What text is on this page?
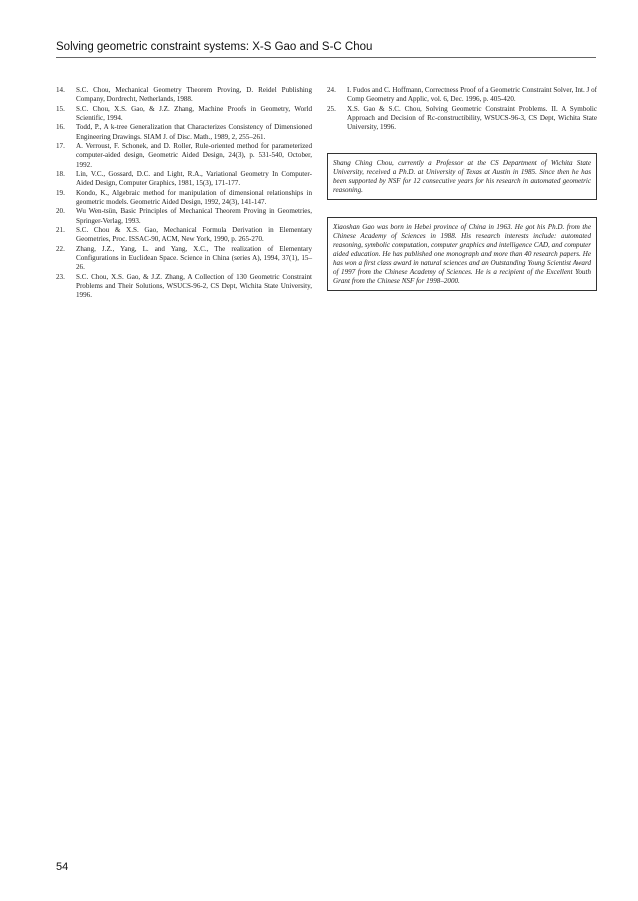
Solving geometric constraint systems: X-S Gao and S-C Chou
14.	S.C. Chou, Mechanical Geometry Theorem Proving, D. Reidel Publishing Company, Dordrecht, Netherlands, 1988.
15.	S.C. Chou, X.S. Gao, & J.Z. Zhang, Machine Proofs in Geometry, World Scientific, 1994.
16.	Todd, P., A k-tree Generalization that Characterizes Consistency of Dimensioned Engineering Drawings. SIAM J. of Disc. Math., 1989, 2, 255–261.
17.	A. Verroust, F. Schonek, and D. Roller, Rule-oriented method for parameterized computer-aided design, Geometric Aided Design, 24(3), p. 531-540, October, 1992.
18.	Lin, V.C., Gossard, D.C. and Light, R.A., Variational Geometry In Computer-Aided Design, Computer Graphics, 1981, 15(3), 171-177.
19.	Kondo, K., Algebraic method for manipulation of dimensional relationships in geometric models. Geometric Aided Design, 1992, 24(3), 141-147.
20.	Wu Wen-tsün, Basic Principles of Mechanical Theorem Proving in Geometries, Springer-Verlag, 1993.
21.	S.C. Chou & X.S. Gao, Mechanical Formula Derivation in Elementary Geometries, Proc. ISSAC-90, ACM, New York, 1990, p. 265-270.
22.	Zhang, J.Z., Yang, L. and Yang, X.C., The realization of Elementary Configurations in Euclidean Space. Science in China (series A), 1994, 37(1), 15–26.
23.	S.C. Chou, X.S. Gao, & J.Z. Zhang, A Collection of 130 Geometric Constraint Problems and Their Solutions, WSUCS-96-2, CS Dept, Wichita State University, 1996.
24.	I. Fudos and C. Hoffmann, Correctness Proof of a Geometric Constraint Solver, Int. J of Comp Geometry and Applic, vol. 6, Dec. 1996, p. 405-420.
25.	X.S. Gao & S.C. Chou, Solving Geometric Constraint Problems. II. A Symbolic Approach and Decision of Rc-constructibility, WSUCS-96-3, CS Dept, Wichita State University, 1996.
Shang Ching Chou, currently a Professor at the CS Department of Wichita State University, received a Ph.D. at University of Texas at Austin in 1985. Since then he has been supported by NSF for 12 consecutive years for his research in automated geometric reasoning.
Xiaoshan Gao was born in Hebei province of China in 1963. He got his Ph.D. from the Chinese Academy of Sciences in 1988. His research interests include: automated reasoning, symbolic computation, computer graphics and intelligence CAD, and computer aided education. He has published one monograph and more than 40 research papers. He has won a first class award in natural sciences and an Outstanding Young Scientist Award of 1997 from the Chinese Academy of Sciences. He is a recipient of the Excellent Youth Grant from the Chinese NSF for 1998–2000.
54
